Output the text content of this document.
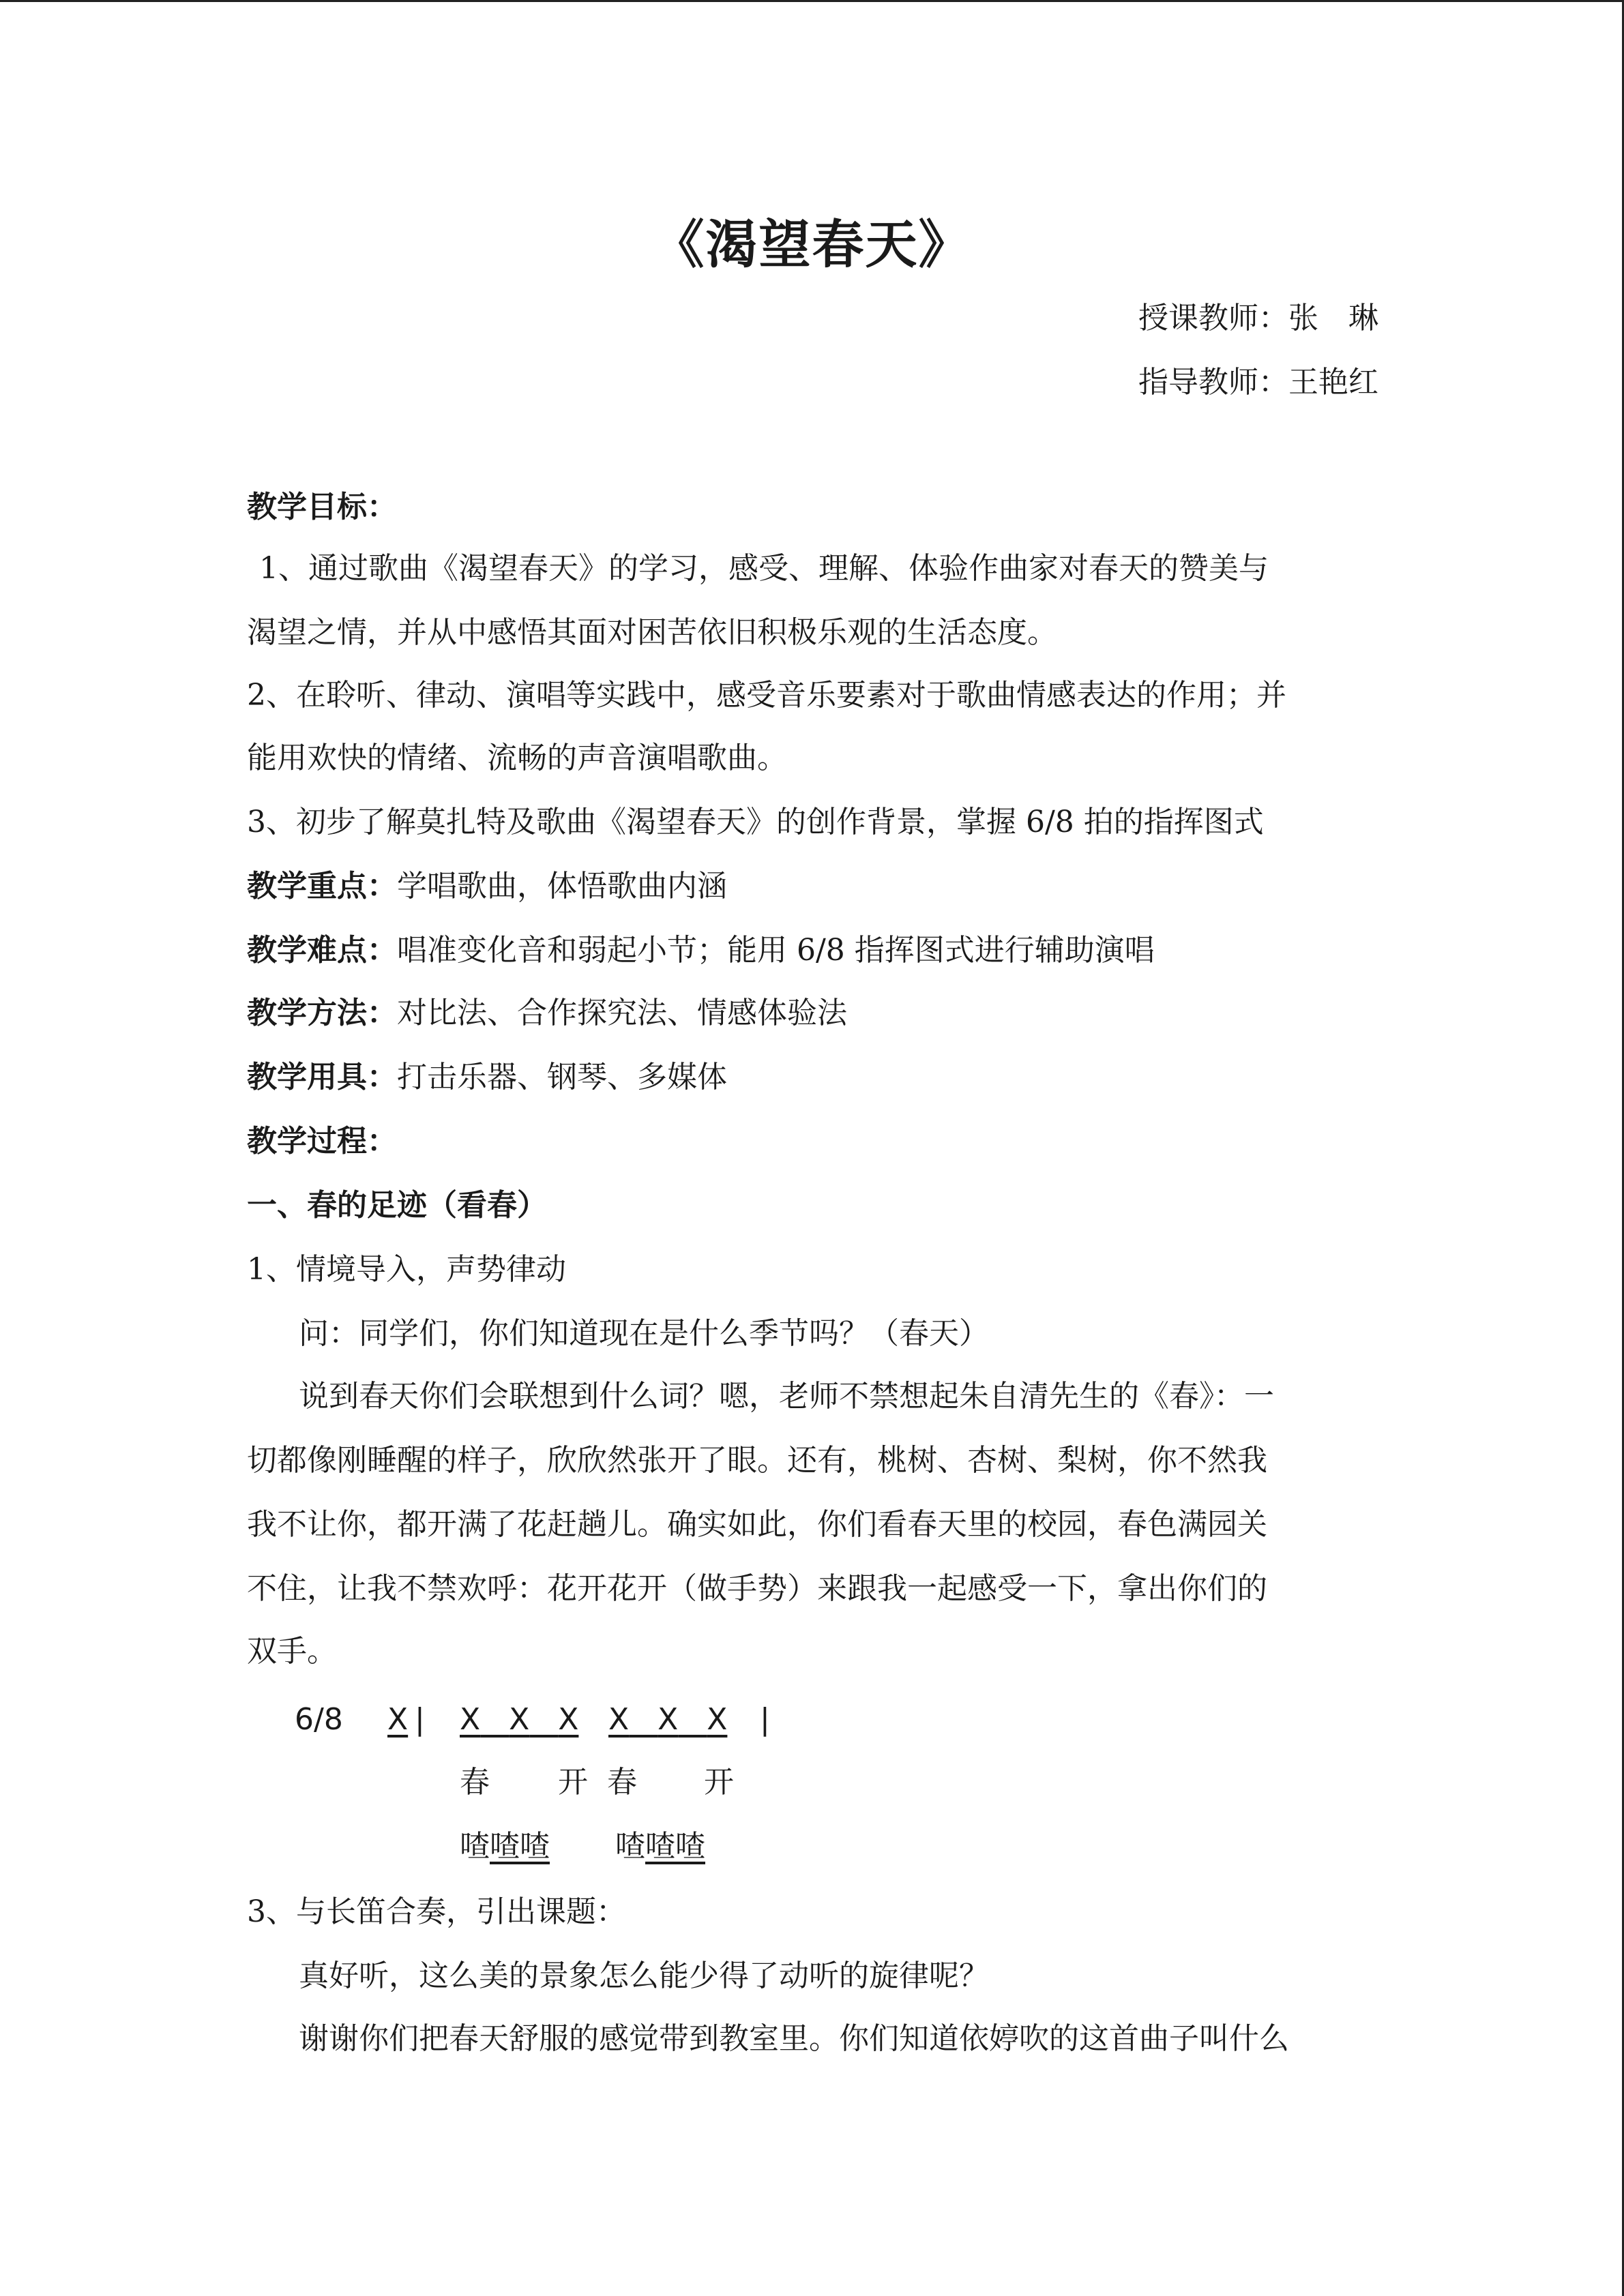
《渴望春天》
授课教师：张　琳
指导教师：王艳红
教学目标：
1、通过歌曲《渴望春天》的学习，感受、理解、体验作曲家对春天的赞美与
渴望之情，并从中感悟其面对困苦依旧积极乐观的生活态度。
2、在聆听、律动、演唱等实践中，感受音乐要素对于歌曲情感表达的作用；并
能用欢快的情绪、流畅的声音演唱歌曲。
3、初步了解莫扎特及歌曲《渴望春天》的创作背景，掌握 6/8 拍的指挥图式
教学重点：学唱歌曲，体悟歌曲内涵
教学难点：唱准变化音和弱起小节；能用 6/8 指挥图式进行辅助演唱
教学方法：对比法、合作探究法、情感体验法
教学用具：打击乐器、钢琴、多媒体
教学过程：
一、春的足迹（看春）
1、情境导入，声势律动
问：同学们，你们知道现在是什么季节吗？（春天）
说到春天你们会联想到什么词？嗯，老师不禁想起朱自清先生的《春》：一
切都像刚睡醒的样子，欣欣然张开了眼。还有，桃树、杏树、梨树，你不然我
我不让你，都开满了花赶趟儿。确实如此，你们看春天里的校园，春色满园关
不住，让我不禁欢呼：花开花开（做手势）来跟我一起感受一下，拿出你们的
双手。
6/8 X | X X X X X X |
春 开 春 开
喳喳喳 喳喳喳
3、与长笛合奏，引出课题：
真好听，这么美的景象怎么能少得了动听的旋律呢？
谢谢你们把春天舒服的感觉带到教室里。你们知道依婷吹的这首曲子叫什么
